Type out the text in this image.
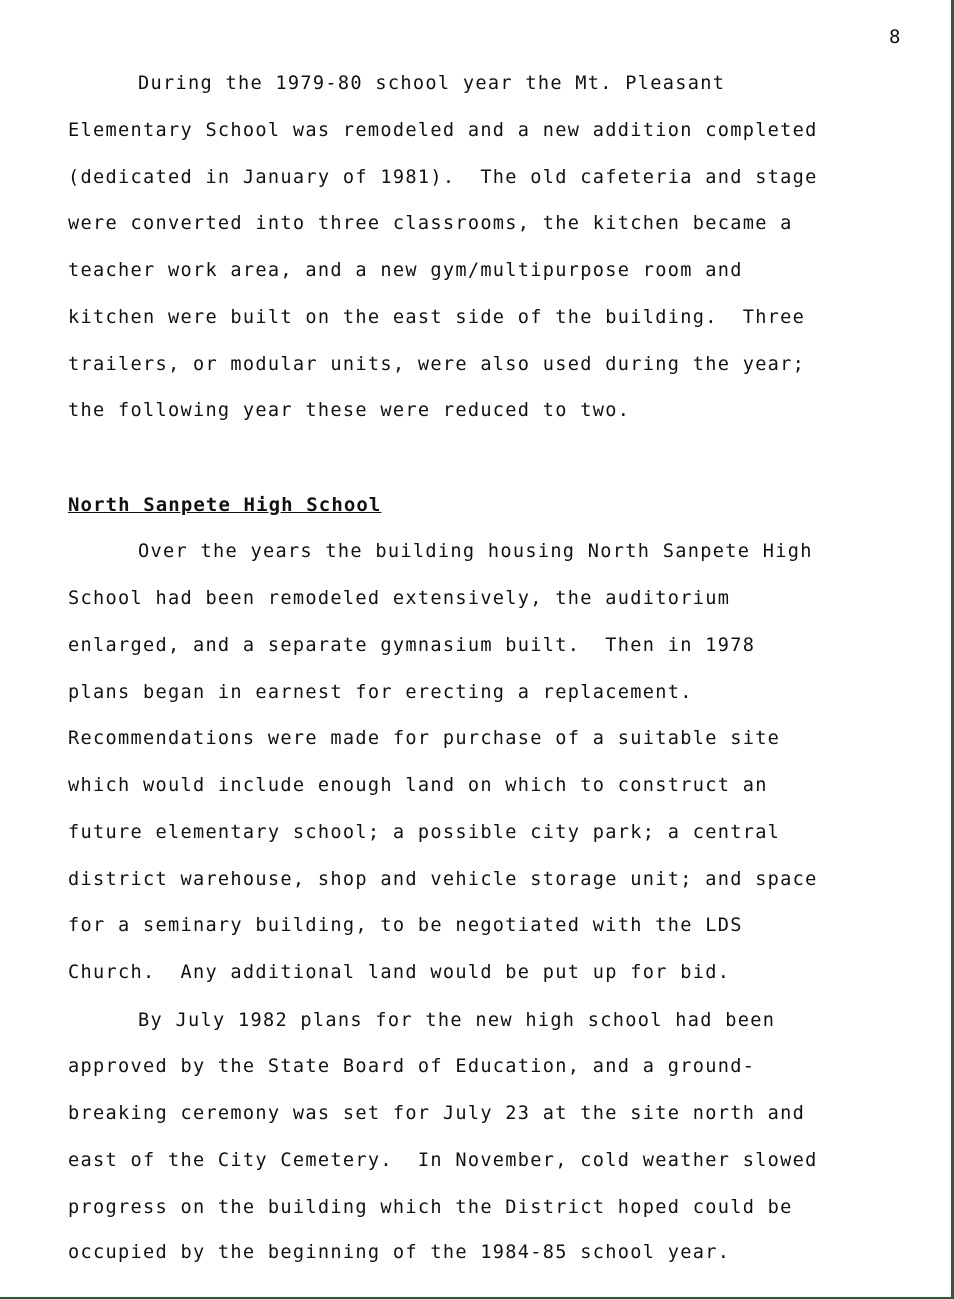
8
During the 1979-80 school year the Mt. Pleasant
Elementary School was remodeled and a new addition completed
(dedicated in January of 1981).  The old cafeteria and stage
were converted into three classrooms, the kitchen became a
teacher work area, and a new gym/multipurpose room and
kitchen were built on the east side of the building.  Three
trailers, or modular units, were also used during the year;
the following year these were reduced to two.
North Sanpete High School
Over the years the building housing North Sanpete High
School had been remodeled extensively, the auditorium
enlarged, and a separate gymnasium built.  Then in 1978
plans began in earnest for erecting a replacement.
Recommendations were made for purchase of a suitable site
which would include enough land on which to construct an
future elementary school; a possible city park; a central
district warehouse, shop and vehicle storage unit; and space
for a seminary building, to be negotiated with the LDS
Church.  Any additional land would be put up for bid.
By July 1982 plans for the new high school had been
approved by the State Board of Education, and a ground-
breaking ceremony was set for July 23 at the site north and
east of the City Cemetery.  In November, cold weather slowed
progress on the building which the District hoped could be
occupied by the beginning of the 1984-85 school year.
